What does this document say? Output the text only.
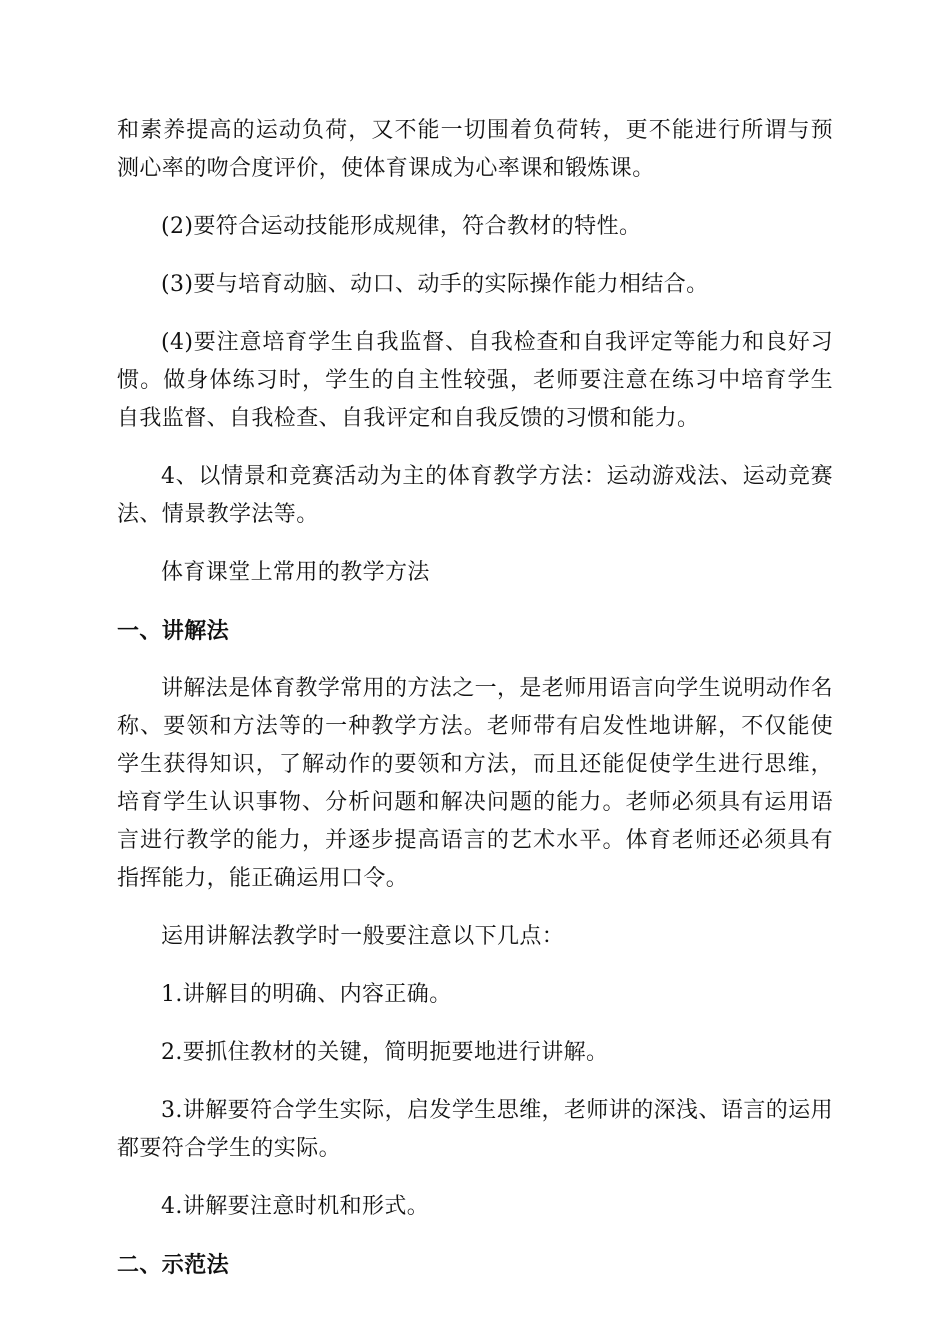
和素养提高的运动负荷，又不能一切围着负荷转，更不能进行所谓与预测心率的吻合度评价，使体育课成为心率课和锻炼课。

(2)要符合运动技能形成规律，符合教材的特性。

(3)要与培育动脑、动口、动手的实际操作能力相结合。

(4)要注意培育学生自我监督、自我检查和自我评定等能力和良好习惯。做身体练习时，学生的自主性较强，老师要注意在练习中培育学生自我监督、自我检查、自我评定和自我反馈的习惯和能力。

4、以情景和竞赛活动为主的体育教学方法：运动游戏法、运动竞赛法、情景教学法等。

体育课堂上常用的教学方法

一、讲解法

讲解法是体育教学常用的方法之一，是老师用语言向学生说明动作名称、要领和方法等的一种教学方法。老师带有启发性地讲解，不仅能使学生获得知识，了解动作的要领和方法，而且还能促使学生进行思维，培育学生认识事物、分析问题和解决问题的能力。老师必须具有运用语言进行教学的能力，并逐步提高语言的艺术水平。体育老师还必须具有指挥能力，能正确运用口令。

运用讲解法教学时一般要注意以下几点：

1.讲解目的明确、内容正确。

2.要抓住教材的关键，简明扼要地进行讲解。

3.讲解要符合学生实际，启发学生思维，老师讲的深浅、语言的运用都要符合学生的实际。

4.讲解要注意时机和形式。

二、示范法
